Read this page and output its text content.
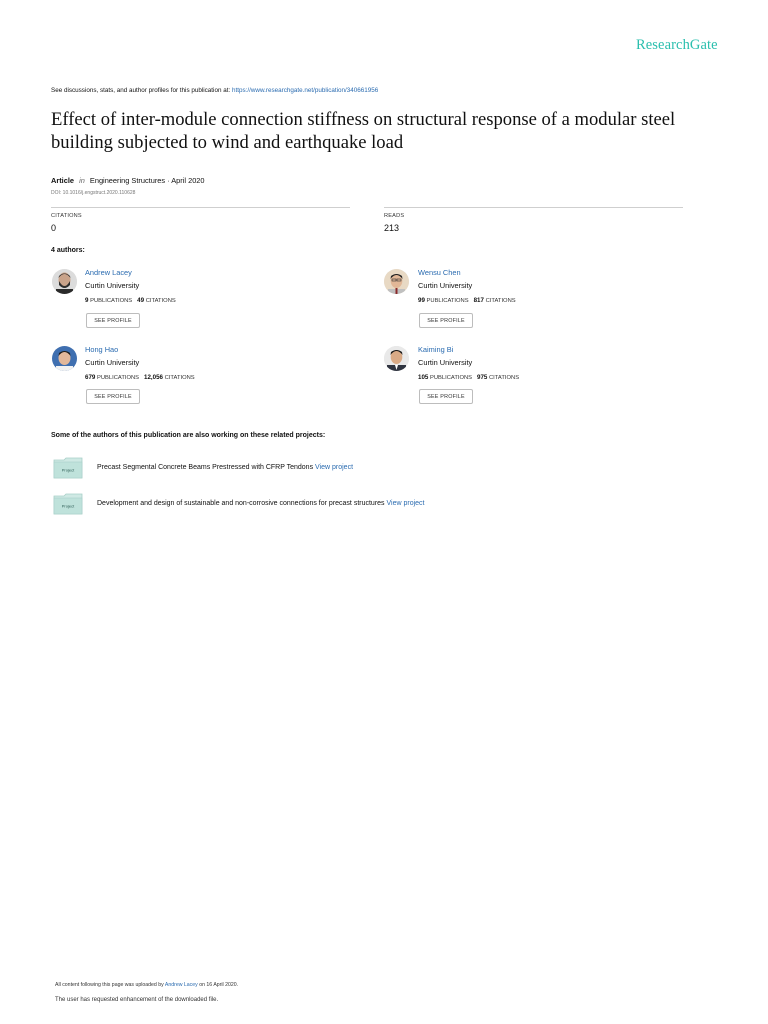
ResearchGate
See discussions, stats, and author profiles for this publication at: https://www.researchgate.net/publication/340661956
Effect of inter-module connection stiffness on structural response of a modular steel building subjected to wind and earthquake load
Article in Engineering Structures · April 2020
DOI: 10.1016/j.engstruct.2020.110628
CITATIONS
0
READS
213
4 authors:
Andrew Lacey
Curtin University
9 PUBLICATIONS 49 CITATIONS
SEE PROFILE
Wensu Chen
Curtin University
99 PUBLICATIONS 817 CITATIONS
SEE PROFILE
Hong Hao
Curtin University
679 PUBLICATIONS 12,056 CITATIONS
SEE PROFILE
Kaiming Bi
Curtin University
105 PUBLICATIONS 975 CITATIONS
SEE PROFILE
Some of the authors of this publication are also working on these related projects:
Project	Precast Segmental Concrete Beams Prestressed with CFRP Tendons View project
Project	Development and design of sustainable and non-corrosive connections for precast structures View project
All content following this page was uploaded by Andrew Lacey on 16 April 2020.
The user has requested enhancement of the downloaded file.
